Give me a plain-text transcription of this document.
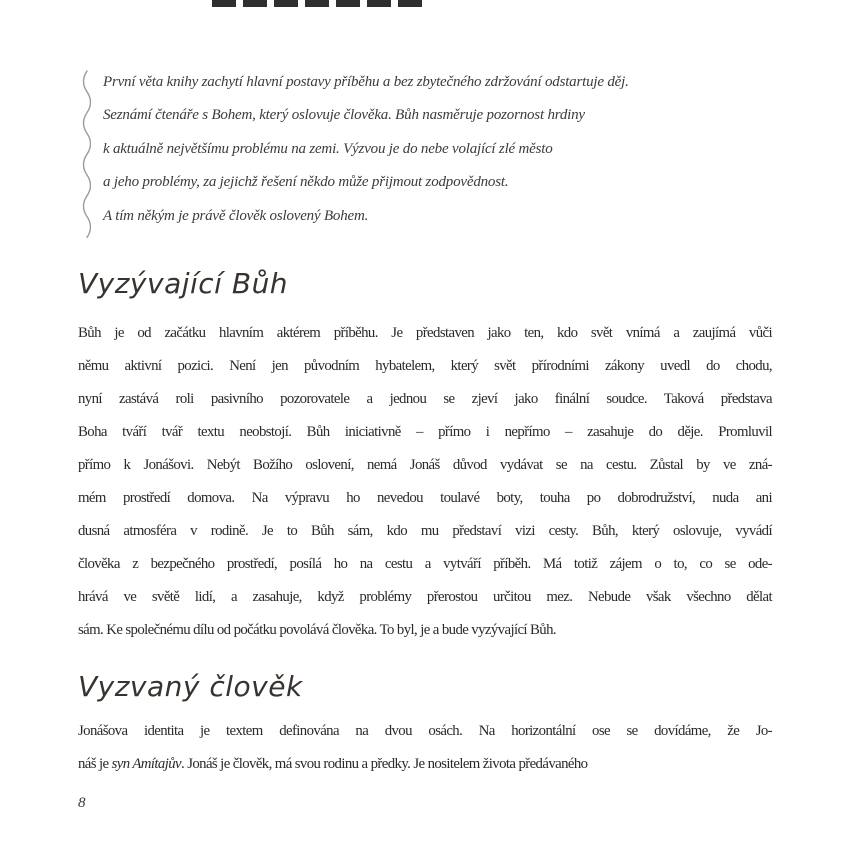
První věta knihy zachytí hlavní postavy příběhu a bez zbytečného zdržování odstartuje děj.
Seznámí čtenáře s Bohem, který oslovuje člověka. Bůh nasměruje pozornost hrdiny
k aktuálně největšímu problému na zemi. Výzvou je do nebe volající zlé město
a jeho problémy, za jejichž řešení někdo může přijmout zodpovědnost.
A tím někým je právě člověk oslovený Bohem.
Vyzývající Bůh
Bůh je od začátku hlavním aktérem příběhu. Je představen jako ten, kdo svět vnímá a zaujímá vůči
němu aktivní pozici. Není jen původním hybatelem, který svět přírodními zákony uvedl do chodu,
nyní zastává roli pasivního pozorovatele a jednou se zjeví jako finální soudce. Taková představa
Boha tváří tvář textu neobstojí. Bůh iniciativně – přímo i nepřímo – zasahuje do děje. Promluvil
přímo k Jonášovi. Nebýt Božího oslovení, nemá Jonáš důvod vydávat se na cestu. Zůstal by ve zná-
mém prostředí domova. Na výpravu ho nevedou toulavé boty, touha po dobrodružství, nuda ani
dusná atmosféra v rodině. Je to Bůh sám, kdo mu představí vizi cesty. Bůh, který oslovuje, vyvádí
člověka z bezpečného prostředí, posílá ho na cestu a vytváří příběh. Má totiž zájem o to, co se ode-
hrává ve světě lidí, a zasahuje, když problémy přerostou určitou mez. Nebude však všechno dělat
sám. Ke společnému dílu od počátku povolává člověka. To byl, je a bude vyzývající Bůh.
Vyzvaný člověk
Jonášova identita je textem definována na dvou osách. Na horizontální ose se dovídáme, že Jo-
náš je syn Amítajův. Jonáš je člověk, má svou rodinu a předky. Je nositelem života předávaného
8
